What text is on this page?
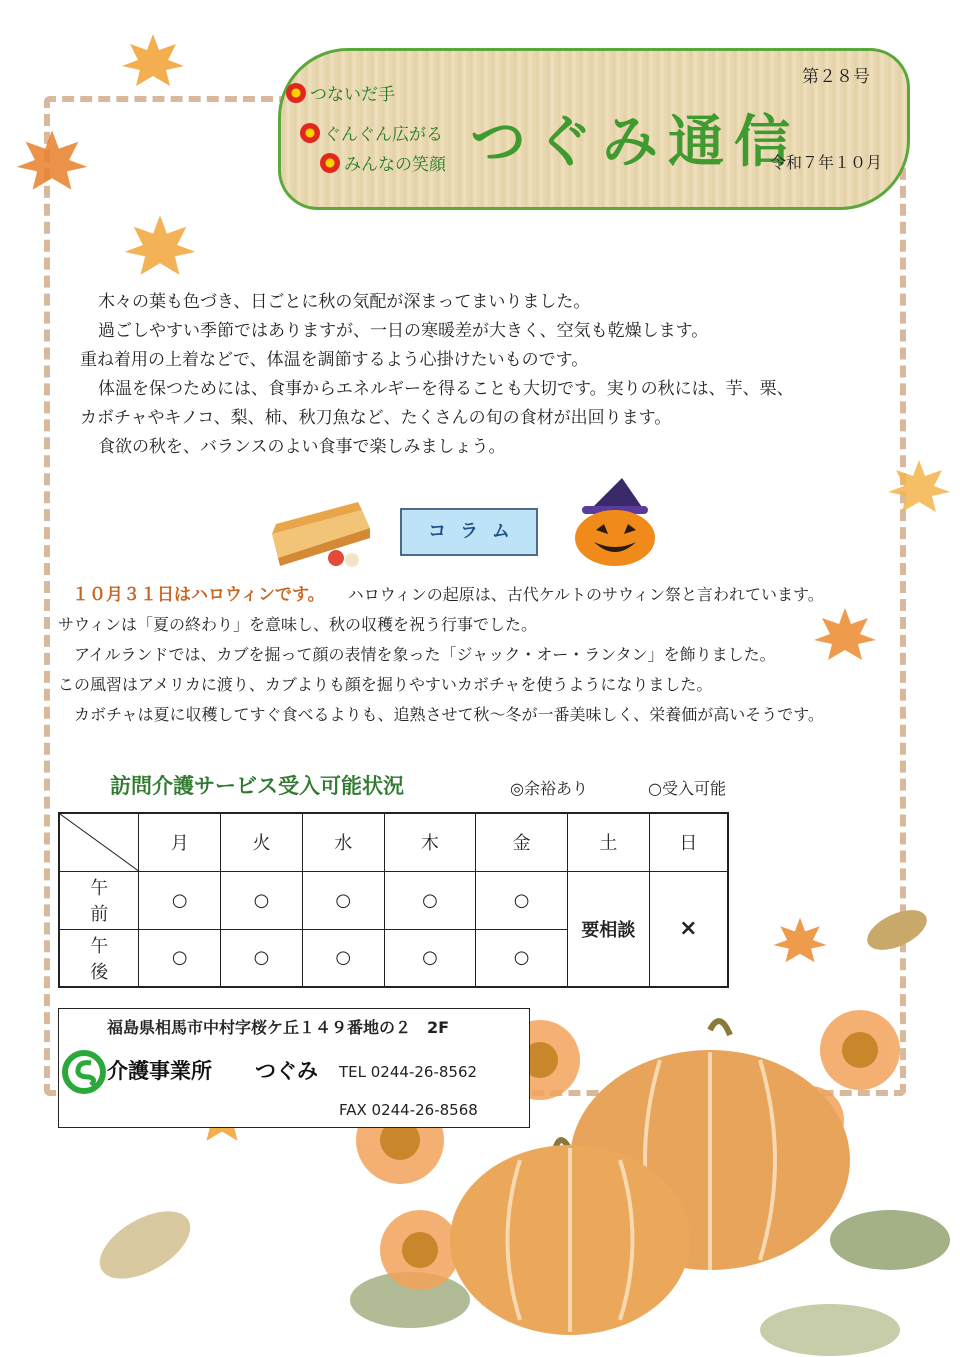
つないだ手
ぐんぐん広がる
みんなの笑顔 つぐみ通信
第２８号
令和７年１０月

木々の葉も色づき、日ごとに秋の気配が深まってまいりました。

過ごしやすい季節ではありますが、一日の寒暖差が大きく、空気も乾燥します。

重ね着用の上着などで、体温を調節するよう心掛けたいものです。

体温を保つためには、食事からエネルギーを得ることも大切です。実りの秋には、芋、栗、

カボチャやキノコ、梨、柿、秋刀魚など、たくさんの旬の食材が出回ります。

食欲の秋を、バランスのよい食事で楽しみましょう。

コラム

１０月３１日はハロウィンです。 ハロウィンの起原は、古代ケルトのサウィン祭と言われています。

サウィンは「夏の終わり」を意味し、秋の収穫を祝う行事でした。

アイルランドでは、カブを掘って顔の表情を象った「ジャック・オー・ランタン」を飾りました。

この風習はアメリカに渡り、カブよりも顔を掘りやすいカボチャを使うようになりました。

カボチャは夏に収穫してすぐ食べるよりも、追熟させて秋～冬が一番美味しく、栄養価が高いそうです。

訪問介護サービス受入可能状況	◎余裕あり	○受入可能
	月	火	水	木	金	土	日
午前	○	○	○	○	○	要相談	×
午後	○	○	○	○	○		
福島県相馬市中村字桜ケ丘１４９番地の２　2F
介護事業所 つぐみ TEL 0244-26-8562
FAX 0244-26-8568
